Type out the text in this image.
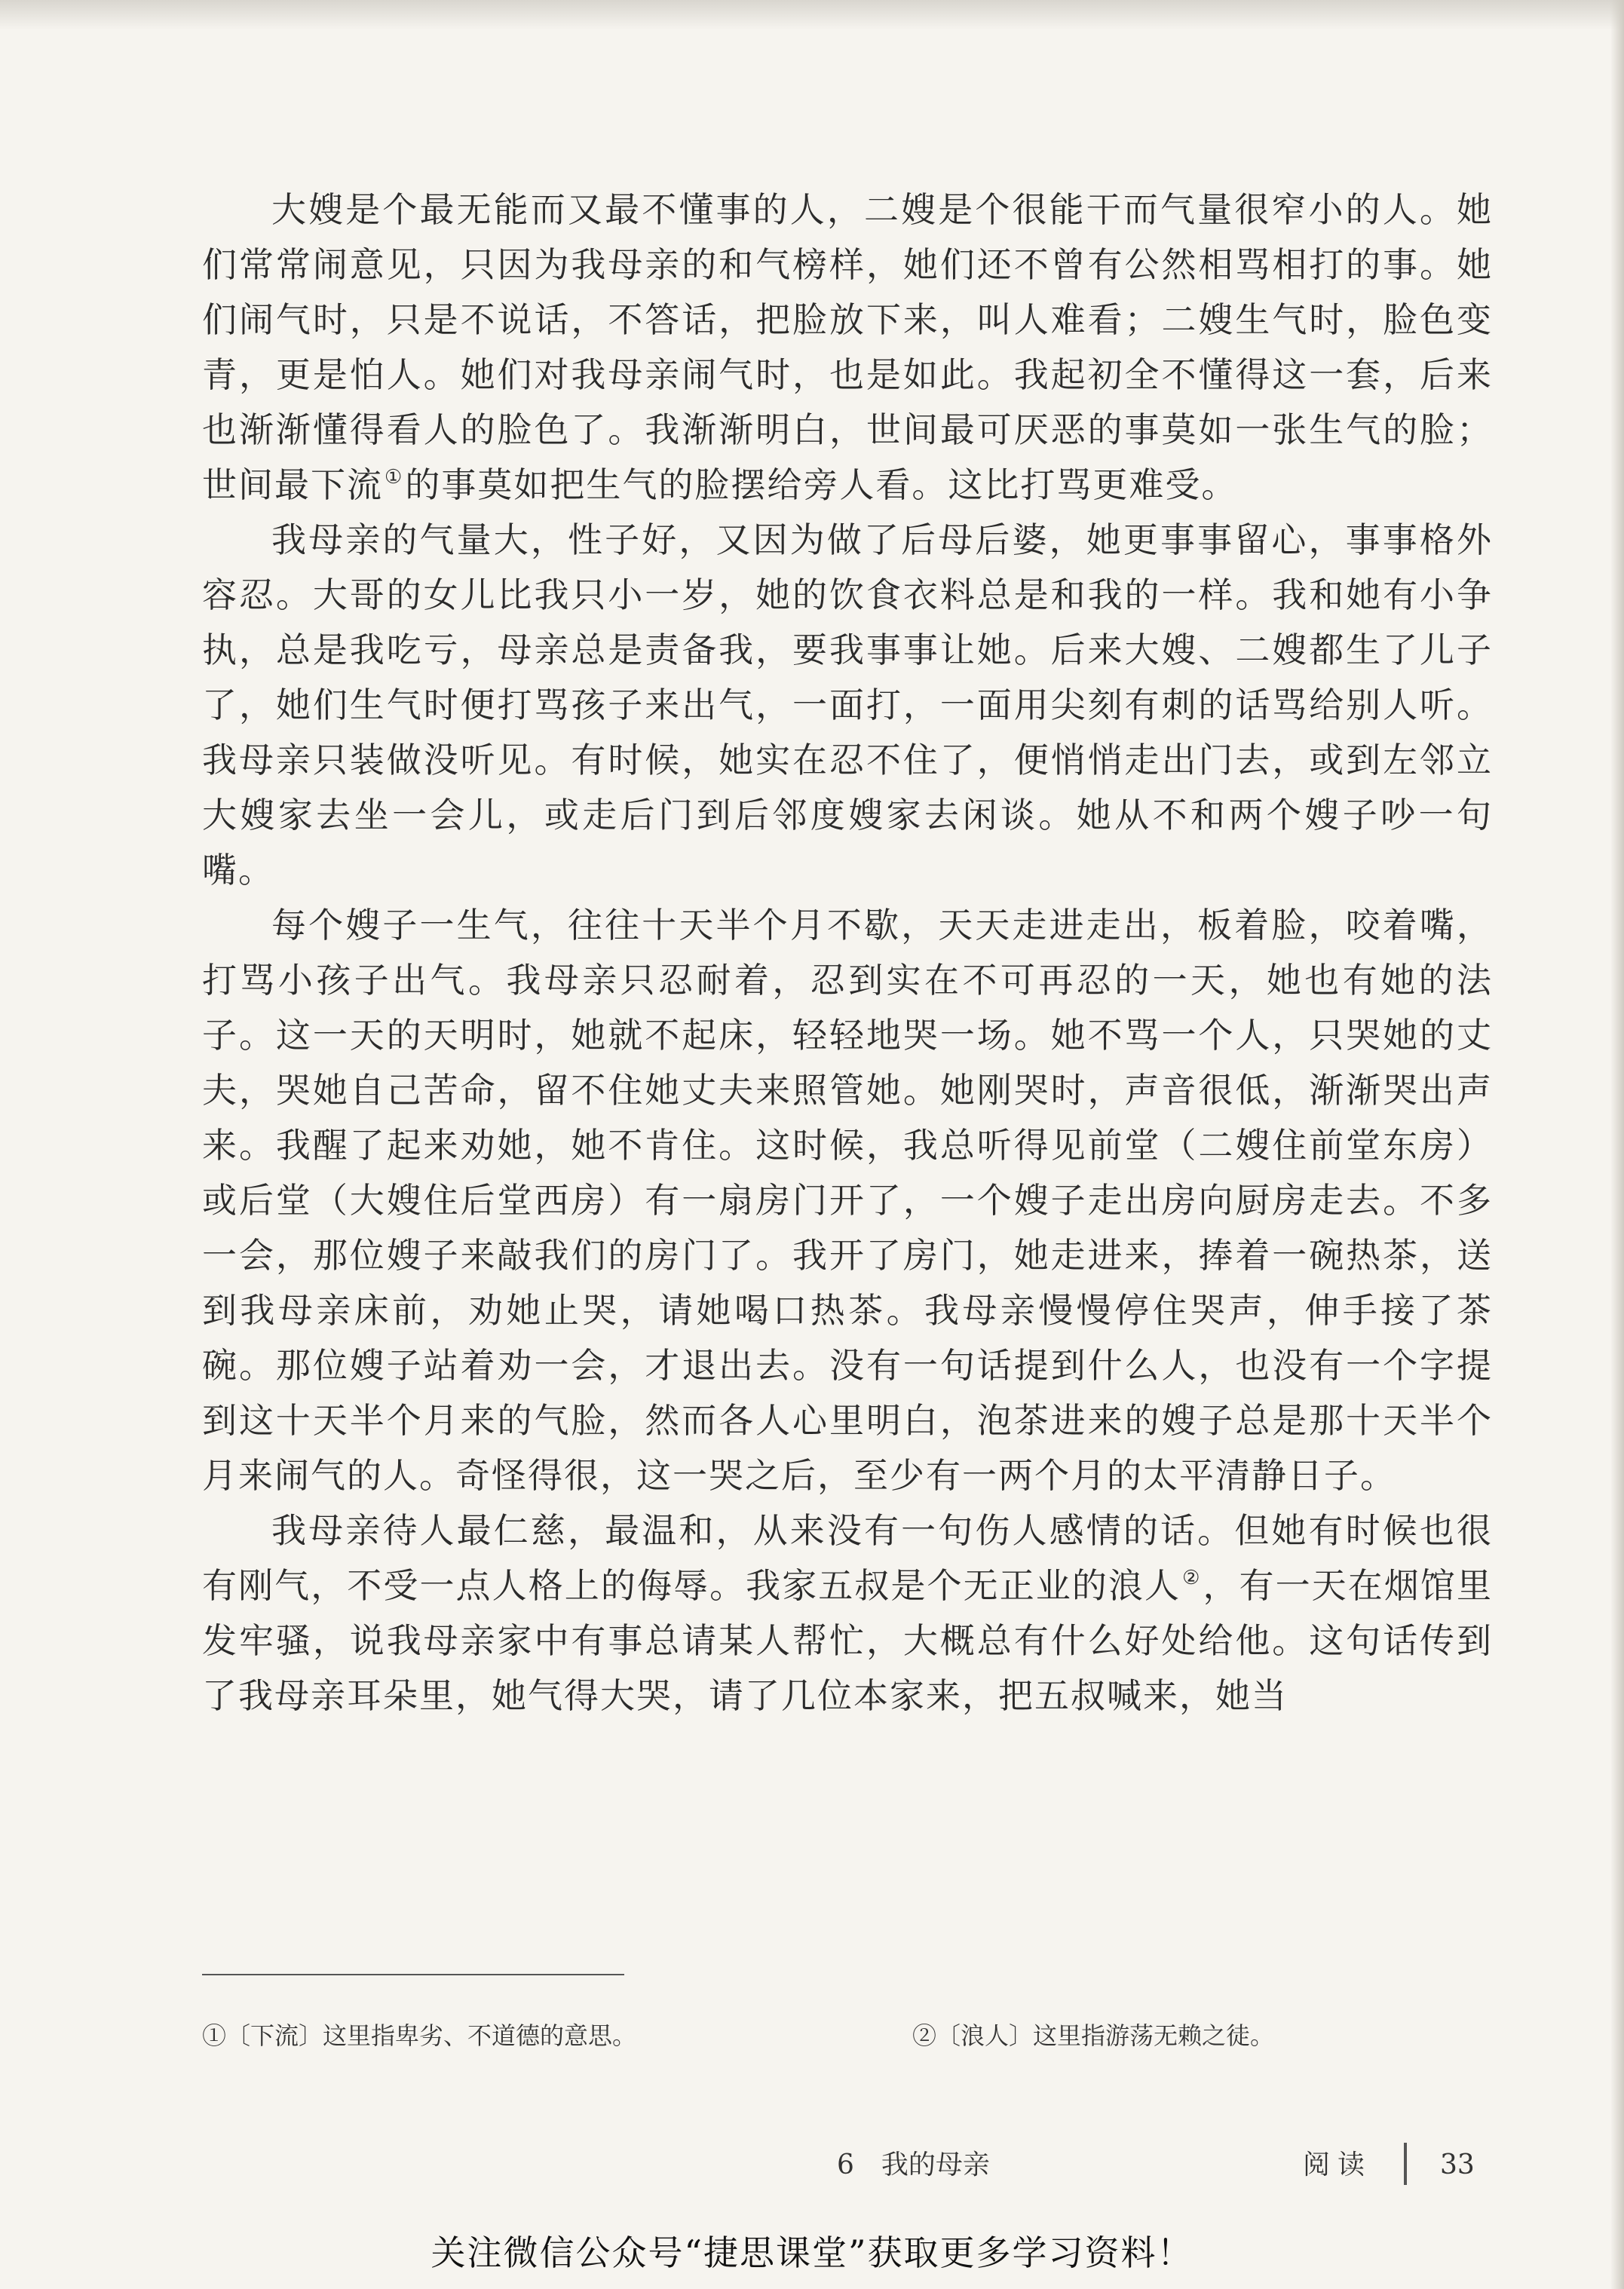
大嫂是个最无能而又最不懂事的人，二嫂是个很能干而气量很窄小的人。她们常常闹意见，只因为我母亲的和气榜样，她们还不曾有公然相骂相打的事。她们闹气时，只是不说话，不答话，把脸放下来，叫人难看；二嫂生气时，脸色变青，更是怕人。她们对我母亲闹气时，也是如此。我起初全不懂得这一套，后来也渐渐懂得看人的脸色了。我渐渐明白，世间最可厌恶的事莫如一张生气的脸；世间最下流①的事莫如把生气的脸摆给旁人看。这比打骂更难受。

我母亲的气量大，性子好，又因为做了后母后婆，她更事事留心，事事格外容忍。大哥的女儿比我只小一岁，她的饮食衣料总是和我的一样。我和她有小争执，总是我吃亏，母亲总是责备我，要我事事让她。后来大嫂、二嫂都生了儿子了，她们生气时便打骂孩子来出气，一面打，一面用尖刻有刺的话骂给别人听。我母亲只装做没听见。有时候，她实在忍不住了，便悄悄走出门去，或到左邻立大嫂家去坐一会儿，或走后门到后邻度嫂家去闲谈。她从不和两个嫂子吵一句嘴。

每个嫂子一生气，往往十天半个月不歇，天天走进走出，板着脸，咬着嘴，打骂小孩子出气。我母亲只忍耐着，忍到实在不可再忍的一天，她也有她的法子。这一天的天明时，她就不起床，轻轻地哭一场。她不骂一个人，只哭她的丈夫，哭她自己苦命，留不住她丈夫来照管她。她刚哭时，声音很低，渐渐哭出声来。我醒了起来劝她，她不肯住。这时候，我总听得见前堂（二嫂住前堂东房）或后堂（大嫂住后堂西房）有一扇房门开了，一个嫂子走出房向厨房走去。不多一会，那位嫂子来敲我们的房门了。我开了房门，她走进来，捧着一碗热茶，送到我母亲床前，劝她止哭，请她喝口热茶。我母亲慢慢停住哭声，伸手接了茶碗。那位嫂子站着劝一会，才退出去。没有一句话提到什么人，也没有一个字提到这十天半个月来的气脸，然而各人心里明白，泡茶进来的嫂子总是那十天半个月来闹气的人。奇怪得很，这一哭之后，至少有一两个月的太平清静日子。

我母亲待人最仁慈，最温和，从来没有一句伤人感情的话。但她有时候也很有刚气，不受一点人格上的侮辱。我家五叔是个无正业的浪人②，有一天在烟馆里发牢骚，说我母亲家中有事总请某人帮忙，大概总有什么好处给他。这句话传到了我母亲耳朵里，她气得大哭，请了几位本家来，把五叔喊来，她当

①〔下流〕这里指卑劣、不道德的意思。	②〔浪人〕这里指游荡无赖之徒。
6　我的母亲	阅读 33
关注微信公众号“捷思课堂”获取更多学习资料！
